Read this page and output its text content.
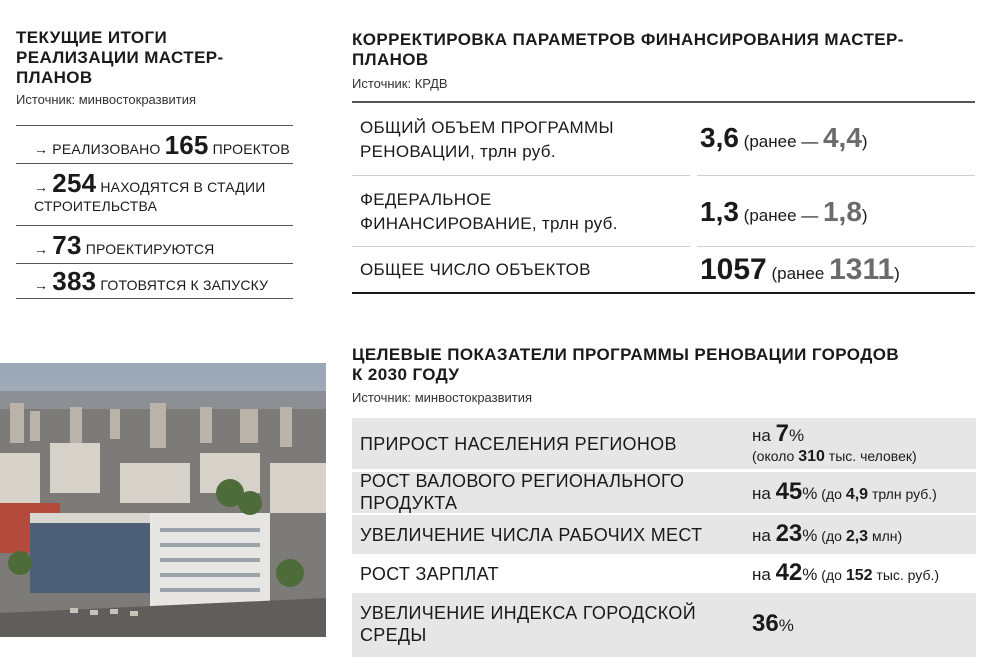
ТЕКУЩИЕ ИТОГИ
РЕАЛИЗАЦИИ МАСТЕР-
ПЛАНОВ
Источник: минвостокразвития
→ РЕАЛИЗОВАНО 165 ПРОЕКТОВ
→ 254 НАХОДЯТСЯ В СТАДИИ
СТРОИТЕЛЬСТВА
→ 73 ПРОЕКТИРУЮТСЯ
→ 383 ГОТОВЯТСЯ К ЗАПУСКУ
КОРРЕКТИРОВКА ПАРАМЕТРОВ ФИНАНСИРОВАНИЯ МАСТЕР-
ПЛАНОВ
Источник: КРДВ
ОБЩИЙ ОБЪЕМ ПРОГРАММЫ
РЕНОВАЦИИ, трлн руб.	3,6 (ранее — 4,4)
ФЕДЕРАЛЬНОЕ
ФИНАНСИРОВАНИЕ, трлн руб.	1,3 (ранее — 1,8)
ОБЩЕЕ ЧИСЛО ОБЪЕКТОВ	1057 (ранее 1311)
ЦЕЛЕВЫЕ ПОКАЗАТЕЛИ ПРОГРАММЫ РЕНОВАЦИИ ГОРОДОВ
К 2030 ГОДУ
Источник: минвостокразвития
ПРИРОСТ НАСЕЛЕНИЯ РЕГИОНОВ	на 7%
(около 310 тыс. человек)
РОСТ ВАЛОВОГО РЕГИОНАЛЬНОГО
ПРОДУКТА	на 45% (до 4,9 трлн руб.)
УВЕЛИЧЕНИЕ ЧИСЛА РАБОЧИХ МЕСТ	на 23% (до 2,3 млн)
РОСТ ЗАРПЛАТ	на 42% (до 152 тыс. руб.)
УВЕЛИЧЕНИЕ ИНДЕКСА ГОРОДСКОЙ
СРЕДЫ	36%
